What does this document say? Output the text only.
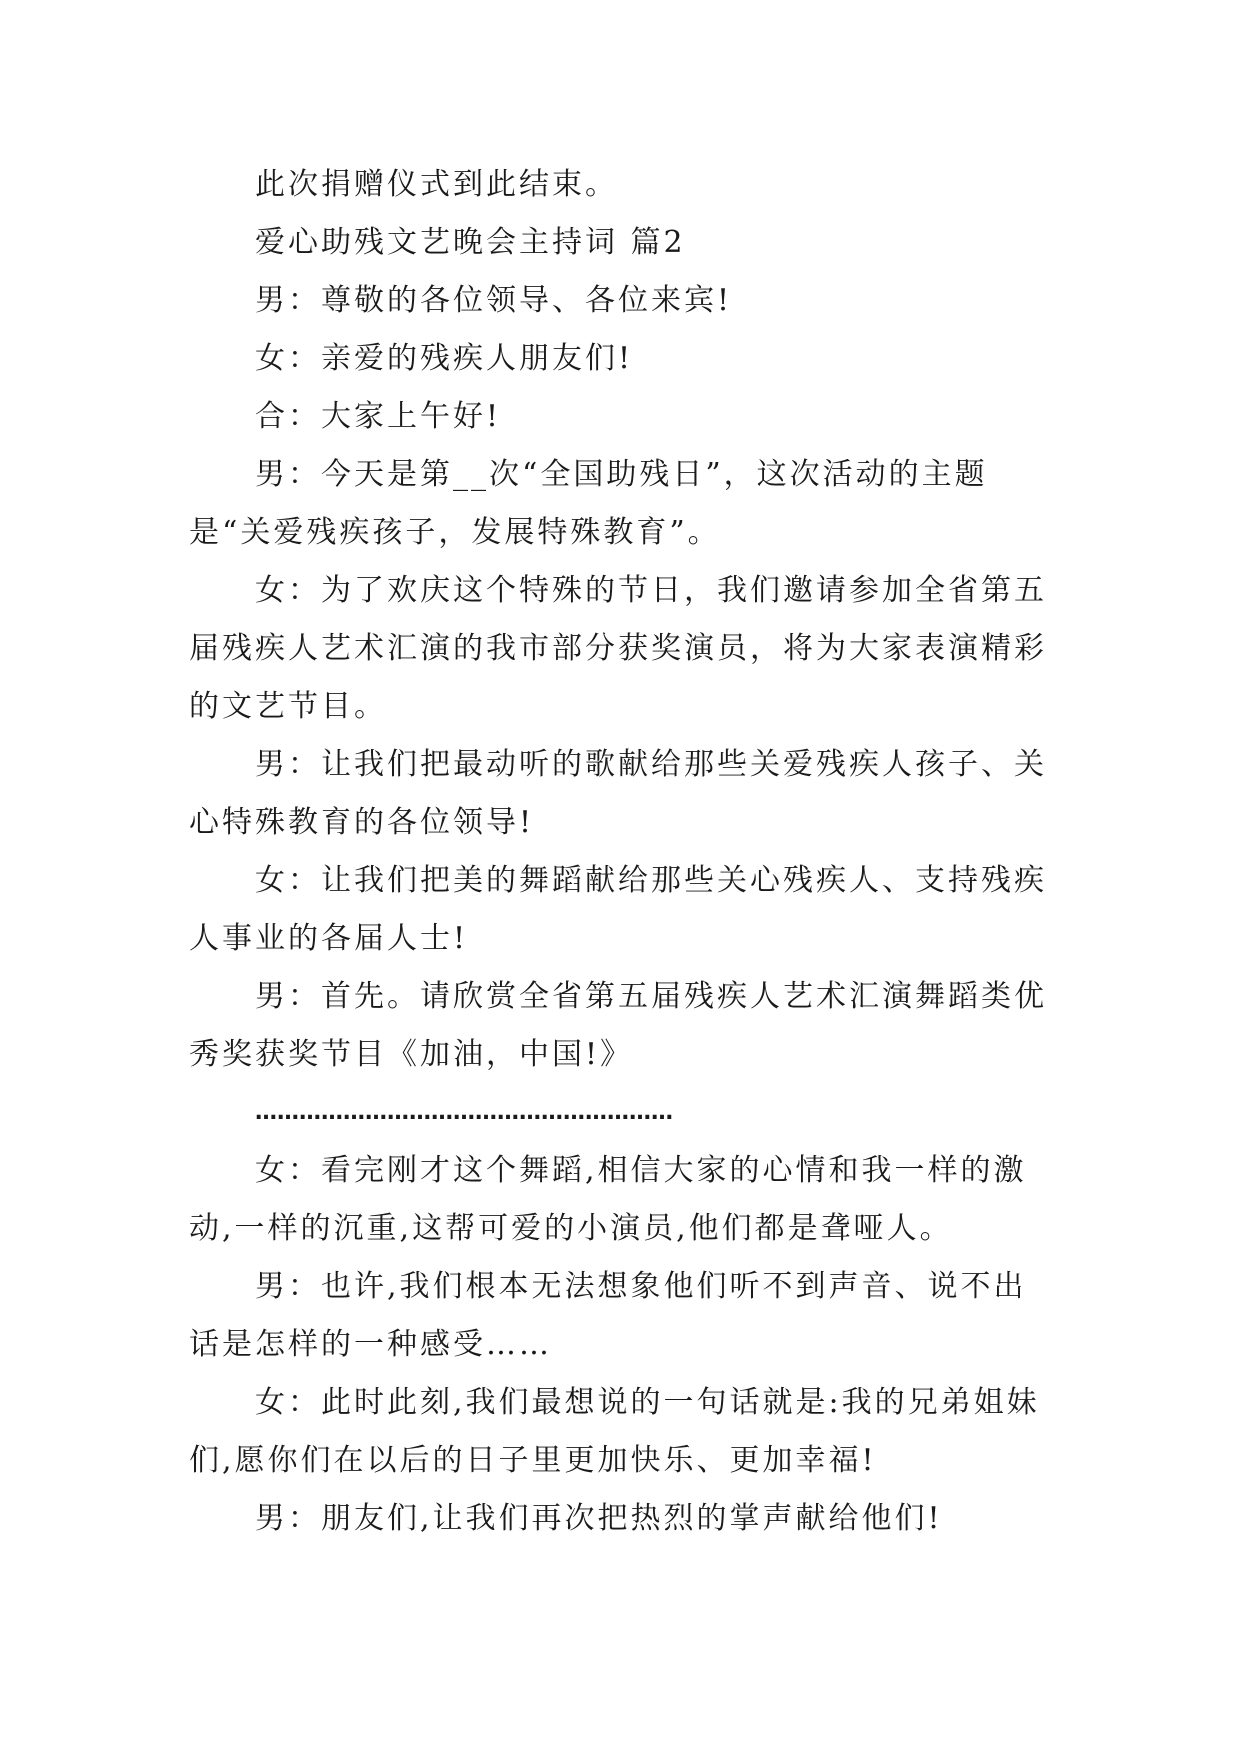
此次捐赠仪式到此结束。

爱心助残文艺晚会主持词 篇2

男：尊敬的各位领导、各位来宾!

女：亲爱的残疾人朋友们!

合：大家上午好!

男：今天是第__次“全国助残日”，这次活动的主题是“关爱残疾孩子，发展特殊教育”。

女：为了欢庆这个特殊的节日，我们邀请参加全省第五届残疾人艺术汇演的我市部分获奖演员，将为大家表演精彩的文艺节目。

男：让我们把最动听的歌献给那些关爱残疾人孩子、关心特殊教育的各位领导!

女：让我们把美的舞蹈献给那些关心残疾人、支持残疾人事业的各届人士!

男：首先。请欣赏全省第五届残疾人艺术汇演舞蹈类优秀奖获奖节目《加油，中国!》

…………………………………………………

女：看完刚才这个舞蹈,相信大家的心情和我一样的激动,一样的沉重,这帮可爱的小演员,他们都是聋哑人。

男：也许,我们根本无法想象他们听不到声音、说不出话是怎样的一种感受……

女：此时此刻,我们最想说的一句话就是:我的兄弟姐妹们,愿你们在以后的日子里更加快乐、更加幸福!

男：朋友们,让我们再次把热烈的掌声献给他们!
